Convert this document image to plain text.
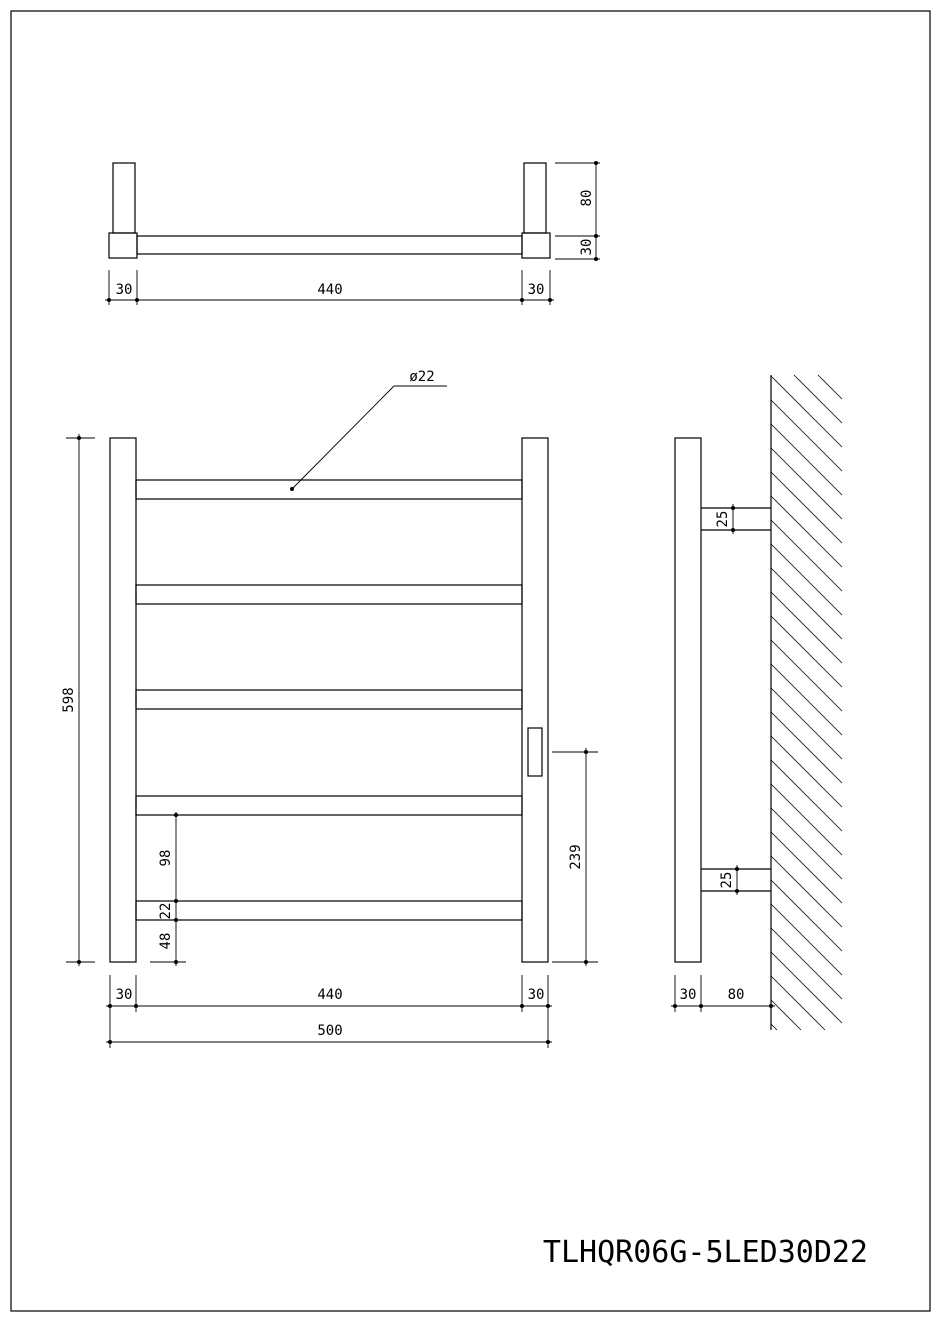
80
30
30	440	30
ø22
598
98
22
48
239
30	440	30
500
25
25
30 80
TLHQR06G-5LED30D22
